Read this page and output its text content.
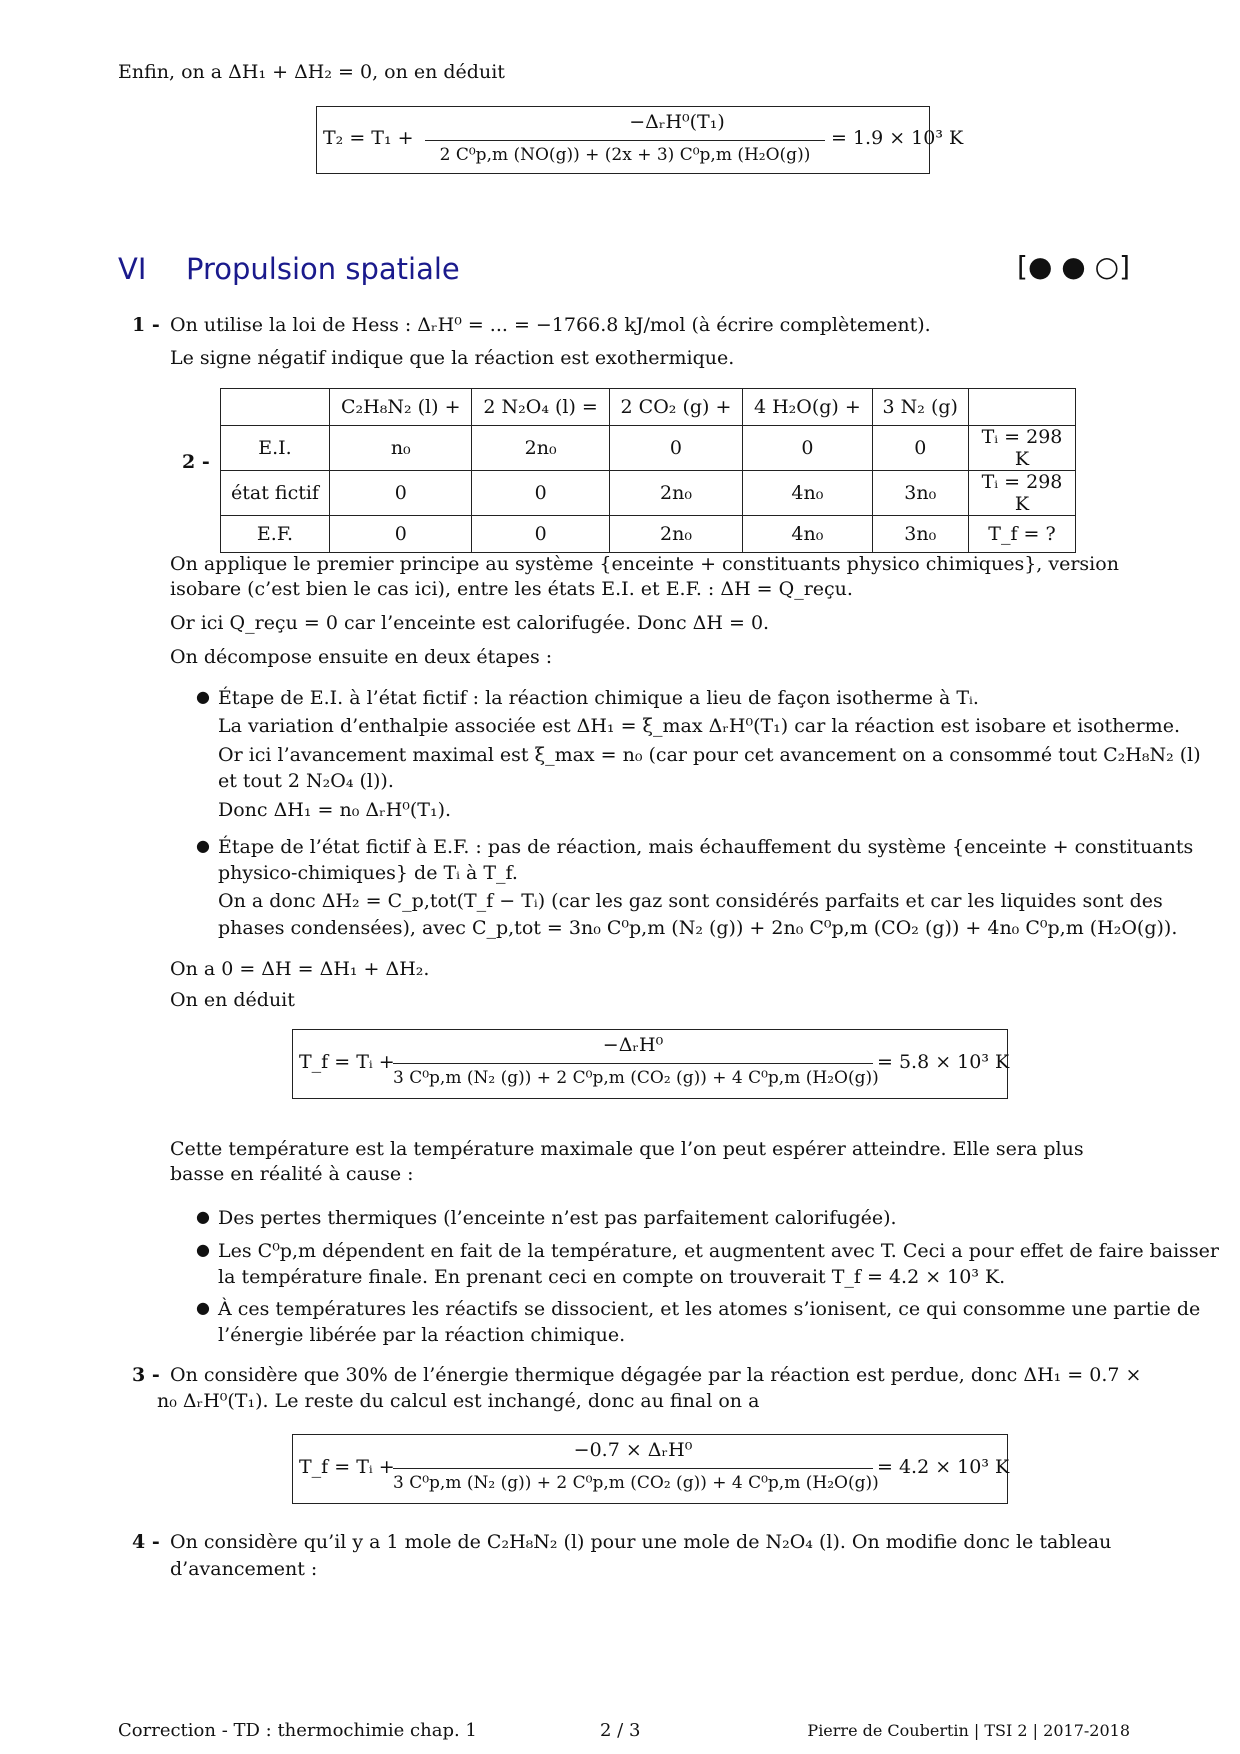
Enfin, on a ΔH₁ + ΔH₂ = 0, on en déduit
T₂ = T₁ +
−ΔᵣH⁰(T₁)
2 C⁰p,m (NO(g)) + (2x + 3) C⁰p,m (H₂O(g))
= 1.9 × 10³ K
VI Propulsion spatiale	[● ● ○]
1 - On utilise la loi de Hess : ΔᵣH⁰ = ... = −1766.8 kJ/mol (à écrire complètement).
Le signe négatif indique que la réaction est exothermique.
2 -
	C₂H₈N₂ (l) +	2 N₂O₄ (l) =	2 CO₂ (g) +	4 H₂O(g) +	3 N₂ (g)	
E.I.	n₀	2n₀	0	0	0	Tᵢ = 298 K
état fictif	0	0	2n₀	4n₀	3n₀	Tᵢ = 298 K
E.F.	0	0	2n₀	4n₀	3n₀	T_f = ?
On applique le premier principe au système {enceinte + constituants physico chimiques}, version isobare (c’est bien le cas ici), entre les états E.I. et E.F. : ΔH = Q_reçu.
Or ici Q_reçu = 0 car l’enceinte est calorifugée. Donc ΔH = 0.
On décompose ensuite en deux étapes :
● Étape de E.I. à l’état fictif : la réaction chimique a lieu de façon isotherme à Tᵢ.
La variation d’enthalpie associée est ΔH₁ = ξ_max ΔᵣH⁰(T₁) car la réaction est isobare et isotherme.
Or ici l’avancement maximal est ξ_max = n₀ (car pour cet avancement on a consommé tout C₂H₈N₂ (l)
et tout 2 N₂O₄ (l)).
Donc ΔH₁ = n₀ ΔᵣH⁰(T₁).
● Étape de l’état fictif à E.F. : pas de réaction, mais échauffement du système {enceinte + constituants
physico-chimiques} de Tᵢ à T_f.
On a donc ΔH₂ = C_p,tot(T_f − Tᵢ) (car les gaz sont considérés parfaits et car les liquides sont des
phases condensées), avec C_p,tot = 3n₀ C⁰p,m (N₂ (g)) + 2n₀ C⁰p,m (CO₂ (g)) + 4n₀ C⁰p,m (H₂O(g)).
On a 0 = ΔH = ΔH₁ + ΔH₂.
On en déduit
T_f = Tᵢ +
−ΔᵣH⁰
3 C⁰p,m (N₂ (g)) + 2 C⁰p,m (CO₂ (g)) + 4 C⁰p,m (H₂O(g))
= 5.8 × 10³ K
Cette température est la température maximale que l’on peut espérer atteindre. Elle sera plus basse en réalité à cause :
● Des pertes thermiques (l’enceinte n’est pas parfaitement calorifugée).
● Les C⁰p,m dépendent en fait de la température, et augmentent avec T. Ceci a pour effet de faire baisser
la température finale. En prenant ceci en compte on trouverait T_f = 4.2 × 10³ K.
● À ces températures les réactifs se dissocient, et les atomes s’ionisent, ce qui consomme une partie de
l’énergie libérée par la réaction chimique.
3 - On considère que 30% de l’énergie thermique dégagée par la réaction est perdue, donc ΔH₁ = 0.7 ×
n₀ ΔᵣH⁰(T₁). Le reste du calcul est inchangé, donc au final on a
T_f = Tᵢ +
−0.7 × ΔᵣH⁰
3 C⁰p,m (N₂ (g)) + 2 C⁰p,m (CO₂ (g)) + 4 C⁰p,m (H₂O(g))
= 4.2 × 10³ K
4 - On considère qu’il y a 1 mole de C₂H₈N₂ (l) pour une mole de N₂O₄ (l). On modifie donc le tableau
d’avancement :
Correction - TD : thermochimie chap. 1	2 / 3	Pierre de Coubertin | TSI 2 | 2017-2018
